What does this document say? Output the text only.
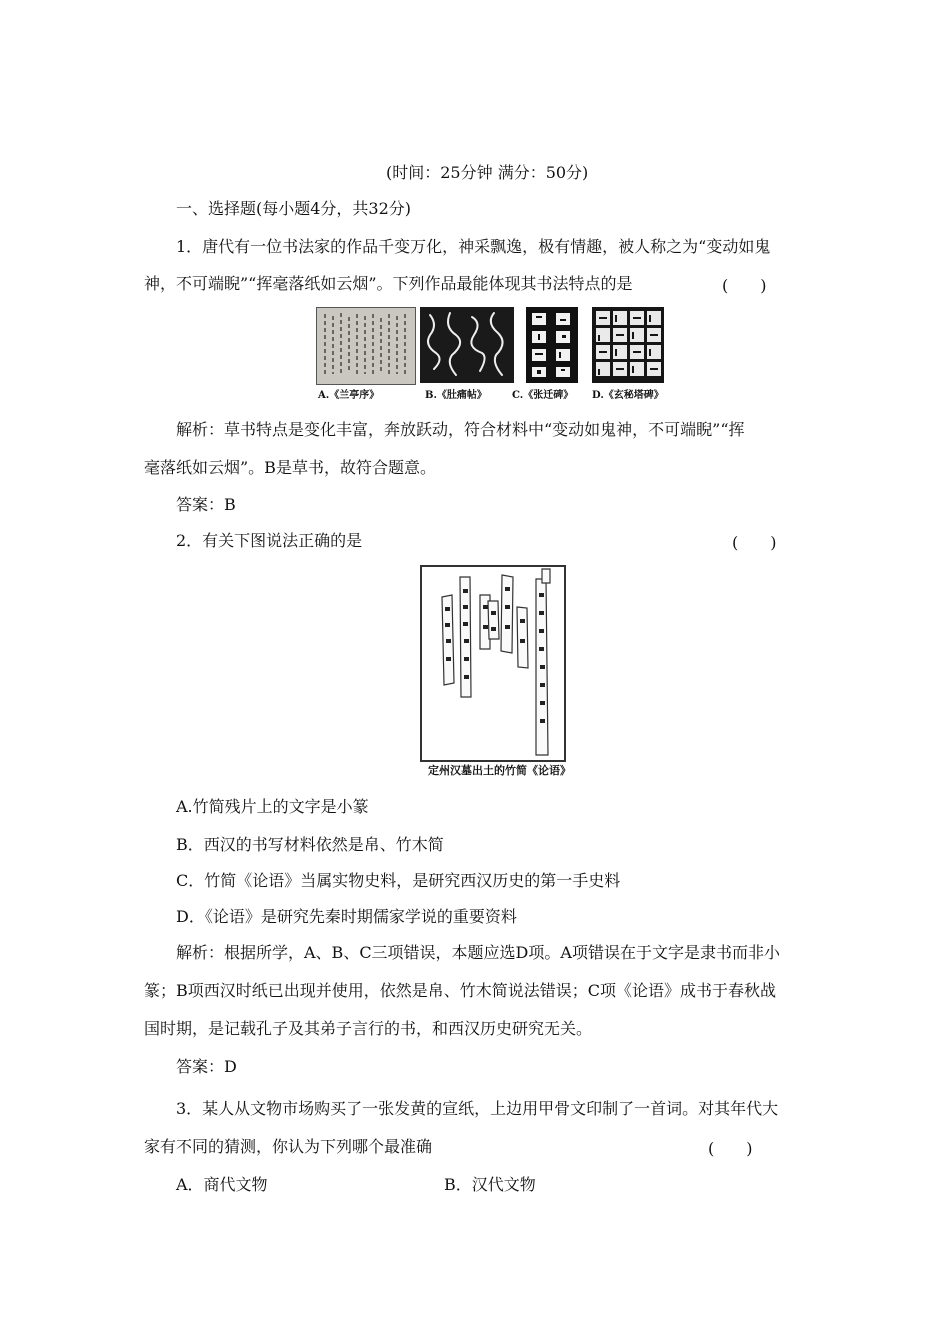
(时间：25分钟 满分：50分)
一、选择题(每小题4分，共32分)
1．唐代有一位书法家的作品千变万化，神采飘逸，极有情趣，被人称之为“变动如鬼
神，不可端睨”“挥毫落纸如云烟”。下列作品最能体现其书法特点的是	(　　)
A.《兰亭序》	B.《肚痛帖》	C.《张迁碑》 D.《玄秘塔碑》
解析：草书特点是变化丰富，奔放跃动，符合材料中“变动如鬼神，不可端睨”“挥
毫落纸如云烟”。B是草书，故符合题意。
答案：B
2．有关下图说法正确的是	(　　)
定州汉墓出土的竹简《论语》
A.竹简残片上的文字是小篆
B．西汉的书写材料依然是帛、竹木简
C．竹简《论语》当属实物史料，是研究西汉历史的第一手史料
D．《论语》是研究先秦时期儒家学说的重要资料
解析：根据所学，A、B、C三项错误，本题应选D项。A项错误在于文字是隶书而非小
篆；B项西汉时纸已出现并使用，依然是帛、竹木简说法错误；C项《论语》成书于春秋战
国时期，是记载孔子及其弟子言行的书，和西汉历史研究无关。
答案：D
3．某人从文物市场购买了一张发黄的宣纸，上边用甲骨文印制了一首词。对其年代大
家有不同的猜测，你认为下列哪个最准确	(　　)
A．商代文物	B．汉代文物
